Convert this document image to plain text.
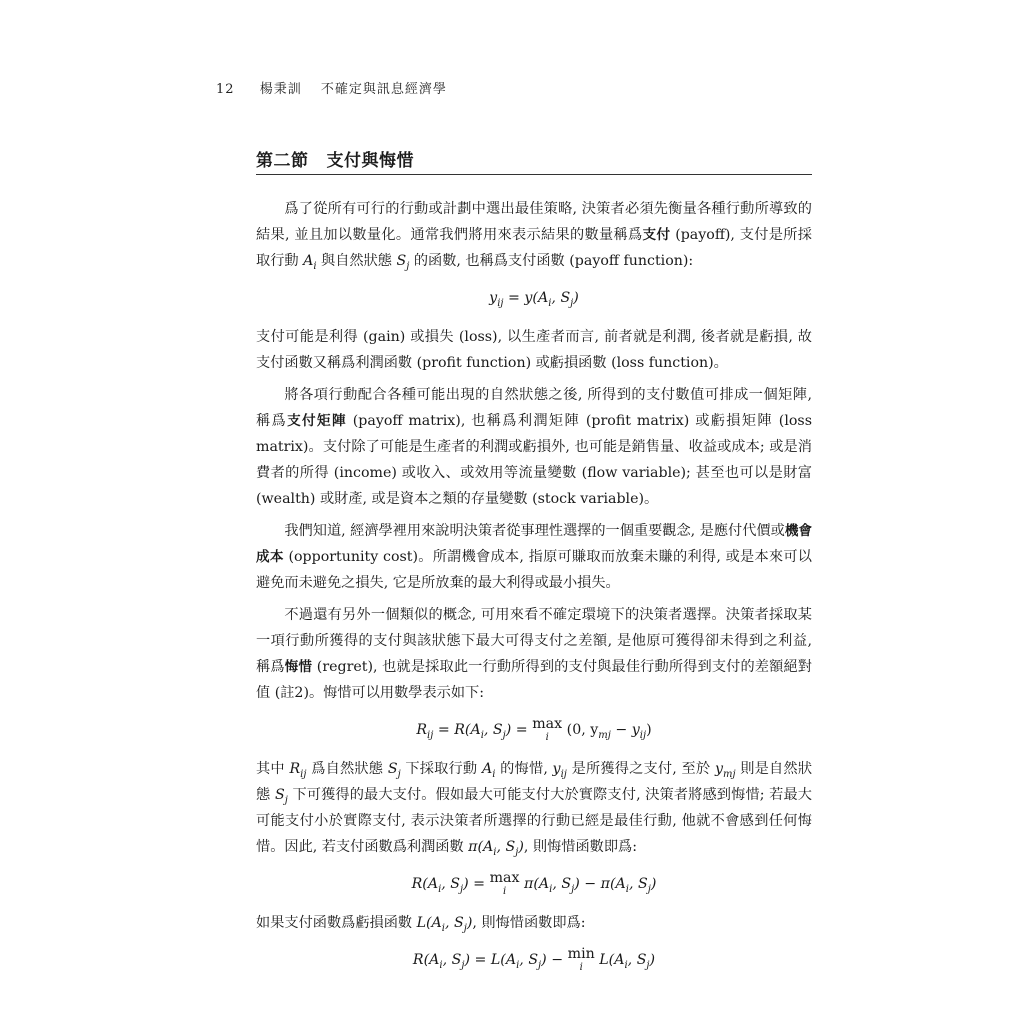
12 楊秉訓 不確定與訊息經濟學
第二節 支付與悔惜

爲了從所有可行的行動或計劃中選出最佳策略, 決策者必須先衡量各種行動所導致的結果, 並且加以數量化。通常我們將用來表示結果的數量稱爲支付 (payoff), 支付是所採取行動 $A_i$ 與自然狀態 $S_j$ 的函數, 也稱爲支付函數 (payoff function):

$y_{ij} = y(A_i$, $S_j$)

支付可能是利得 (gain) 或損失 (loss), 以生產者而言, 前者就是利潤, 後者就是虧損, 故支付函數又稱爲利潤函數 (profit function) 或虧損函數 (loss function)。

將各項行動配合各種可能出現的自然狀態之後, 所得到的支付數值可排成一個矩陣, 稱爲支付矩陣 (payoff matrix), 也稱爲利潤矩陣 (profit matrix) 或虧損矩陣 (loss matrix)。支付除了可能是生產者的利潤或虧損外, 也可能是銷售量、收益或成本; 或是消費者的所得 (income) 或收入、或效用等流量變數 (flow variable); 甚至也可以是財富 (wealth) 或財產, 或是資本之類的存量變數 (stock variable)。

我們知道, 經濟學裡用來說明決策者從事理性選擇的一個重要觀念, 是應付代價或機會成本 (opportunity cost)。所謂機會成本, 指原可賺取而放棄未賺的利得, 或是本來可以避免而未避免之損失, 它是所放棄的最大利得或最小損失。

不過還有另外一個類似的概念, 可用來看不確定環境下的決策者選擇。決策者採取某一項行動所獲得的支付與該狀態下最大可得支付之差額, 是他原可獲得卻未得到之利益, 稱爲悔惜 (regret), 也就是採取此一行動所得到的支付與最佳行動所得到支付的差額絕對值 (註2)。悔惜可以用數學表示如下:

$R_{ij} = R(A_i$, $S_j) = \max$
i	(0, $y_{mj} - y_{ij}$)

其中 $R_{ij}$ 爲自然狀態 $S_j$ 下採取行動 $A_i$ 的悔惜, $y_{ij}$ 是所獲得之支付, 至於 $y_{mj}$ 則是自然狀態 $S_j$ 下可獲得的最大支付。假如最大可能支付大於實際支付, 決策者將感到悔惜; 若最大可能支付小於實際支付, 表示決策者所選擇的行動已經是最佳行動, 他就不會感到任何悔惜。因此, 若支付函數爲利潤函數 $\pi(A_i$, $S_j$), 則悔惜函數即爲:

$R(A_i$, $S_j) = \max$
i $\pi(A_i$, $S_j) - \pi(A_i$, $S_j$)

如果支付函數爲虧損函數 $L(A_i$, $S_j$), 則悔惜函數即爲:

$R(A_i$, $S_j) = L(A_i$, $S_j) - \min$
i $L(A_i$, $S_j$)
